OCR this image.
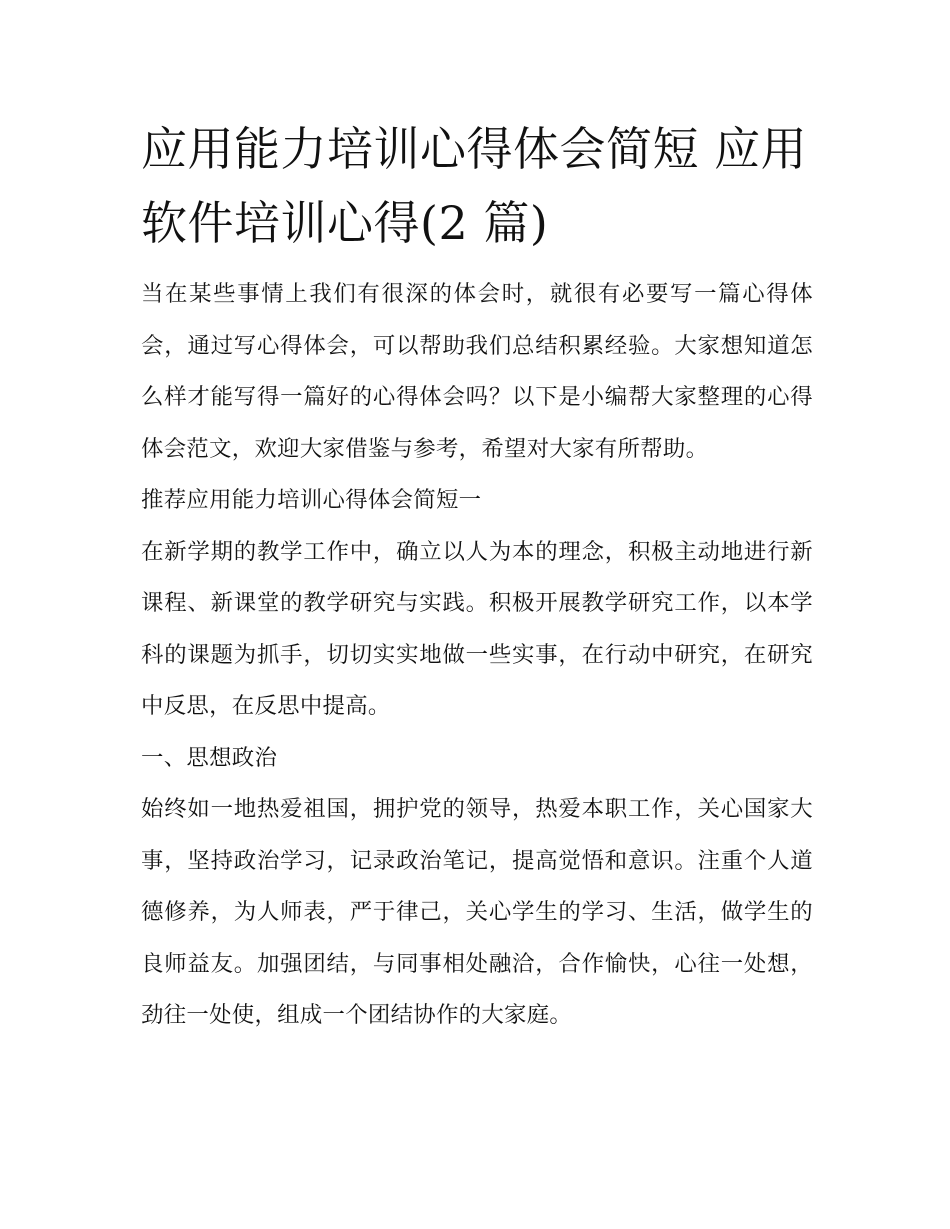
应用能力培训心得体会简短 应用软件培训心得(2 篇)

当在某些事情上我们有很深的体会时，就很有必要写一篇心得体会，通过写心得体会，可以帮助我们总结积累经验。大家想知道怎么样才能写得一篇好的心得体会吗？以下是小编帮大家整理的心得体会范文，欢迎大家借鉴与参考，希望对大家有所帮助。

推荐应用能力培训心得体会简短一

在新学期的教学工作中，确立以人为本的理念，积极主动地进行新课程、新课堂的教学研究与实践。积极开展教学研究工作，以本学科的课题为抓手，切切实实地做一些实事，在行动中研究，在研究中反思，在反思中提高。

一、思想政治

始终如一地热爱祖国，拥护党的领导，热爱本职工作，关心国家大事，坚持政治学习，记录政治笔记，提高觉悟和意识。注重个人道德修养，为人师表，严于律己，关心学生的学习、生活，做学生的良师益友。加强团结，与同事相处融洽，合作愉快，心往一处想，劲往一处使，组成一个团结协作的大家庭。
